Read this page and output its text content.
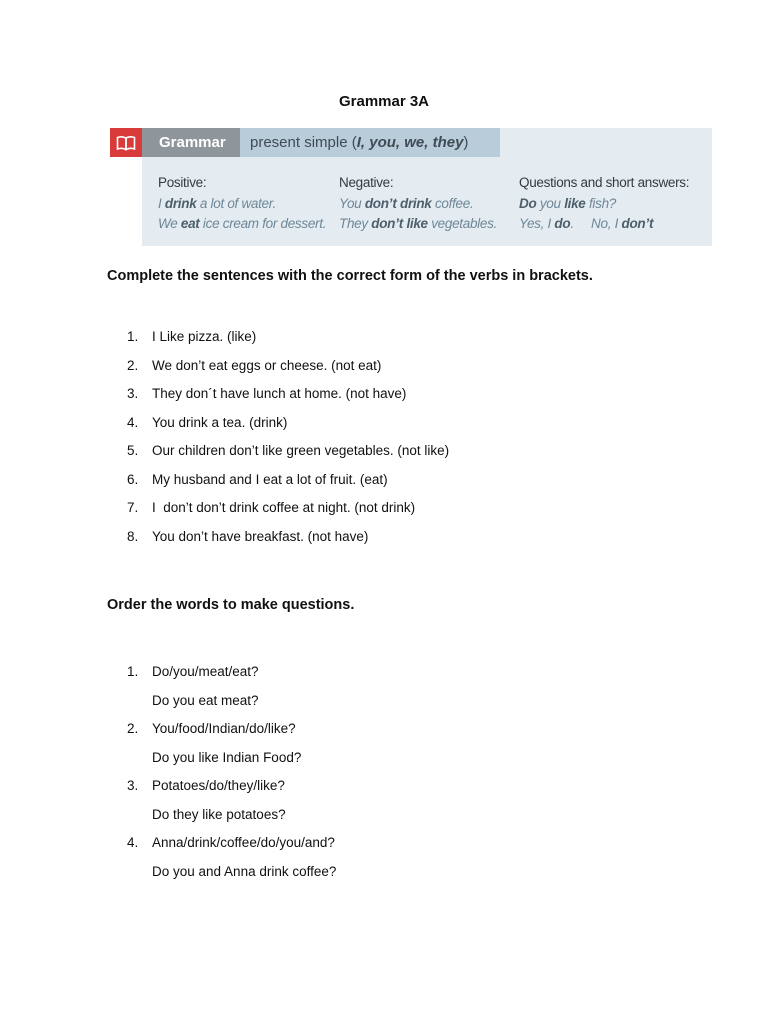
Grammar 3A
Grammar	present simple ( I, you, we, they )
Positive:
I drink a lot of water.
We eat ice cream for dessert.
Negative:
You don’t drink coffee.
They don’t like vegetables.
Questions and short answers:
Do you like fish?
Yes, I do.     No, I don’t
Complete the sentences with the correct form of the verbs in brackets.
1.	I Like pizza. (like)
2.	We don’t eat eggs or cheese. (not eat)
3.	They don´t have lunch at home. (not have)
4.	You drink a tea. (drink)
5.	Our children don’t like green vegetables. (not like)
6.	My husband and I eat a lot of fruit. (eat)
7.	I  don’t don’t drink coffee at night. (not drink)
8.	You don’t have breakfast. (not have)
Order the words to make questions.
1.	Do/you/meat/eat?
Do you eat meat?
2.	You/food/Indian/do/like?
Do you like Indian Food?
3.	Potatoes/do/they/like?
Do they like potatoes?
4.	Anna/drink/coffee/do/you/and?
Do you and Anna drink coffee?
